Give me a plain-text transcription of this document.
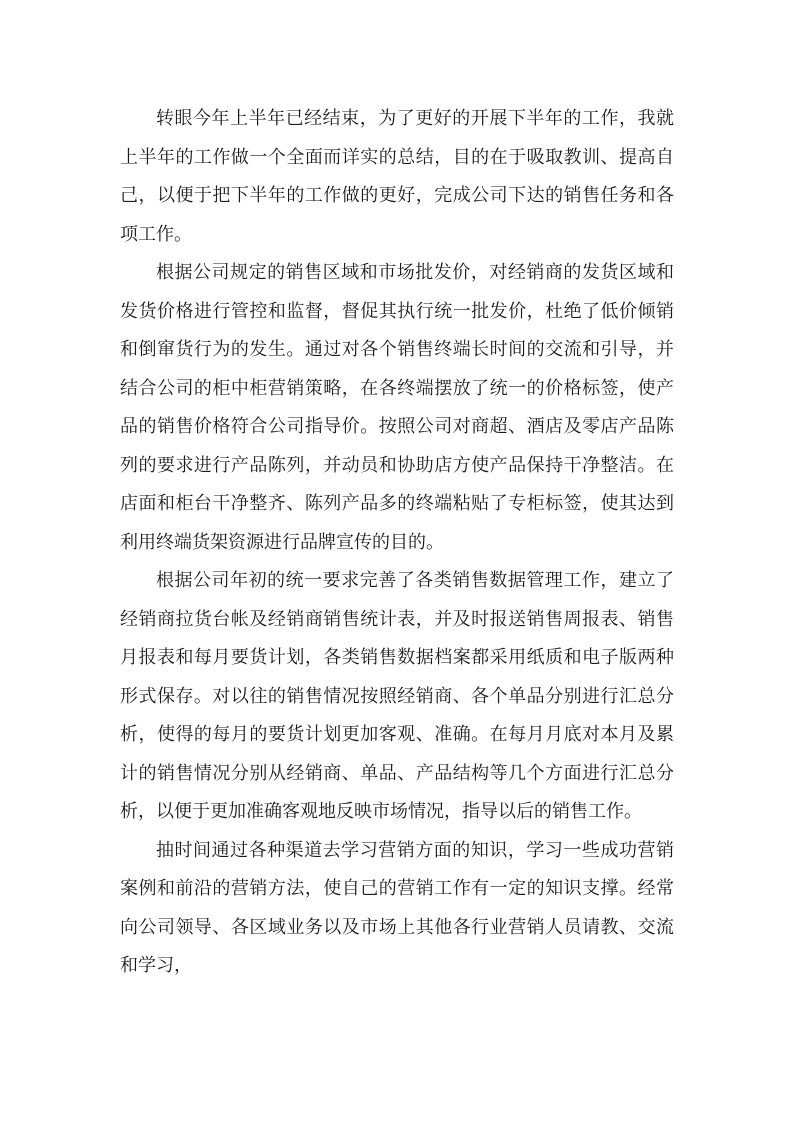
转眼今年上半年已经结束，为了更好的开展下半年的工作，我就上半年的工作做一个全面而详实的总结，目的在于吸取教训、提高自己，以便于把下半年的工作做的更好，完成公司下达的销售任务和各项工作。

根据公司规定的销售区域和市场批发价，对经销商的发货区域和发货价格进行管控和监督，督促其执行统一批发价，杜绝了低价倾销和倒窜货行为的发生。通过对各个销售终端长时间的交流和引导，并结合公司的柜中柜营销策略，在各终端摆放了统一的价格标签，使产品的销售价格符合公司指导价。按照公司对商超、酒店及零店产品陈列的要求进行产品陈列，并动员和协助店方使产品保持干净整洁。在店面和柜台干净整齐、陈列产品多的终端粘贴了专柜标签，使其达到利用终端货架资源进行品牌宣传的目的。

根据公司年初的统一要求完善了各类销售数据管理工作，建立了经销商拉货台帐及经销商销售统计表，并及时报送销售周报表、销售月报表和每月要货计划，各类销售数据档案都采用纸质和电子版两种形式保存。对以往的销售情况按照经销商、各个单品分别进行汇总分析，使得的每月的要货计划更加客观、准确。在每月月底对本月及累计的销售情况分别从经销商、单品、产品结构等几个方面进行汇总分析，以便于更加准确客观地反映市场情况，指导以后的销售工作。

抽时间通过各种渠道去学习营销方面的知识，学习一些成功营销案例和前沿的营销方法，使自己的营销工作有一定的知识支撑。经常向公司领导、各区域业务以及市场上其他各行业营销人员请教、交流和学习，
